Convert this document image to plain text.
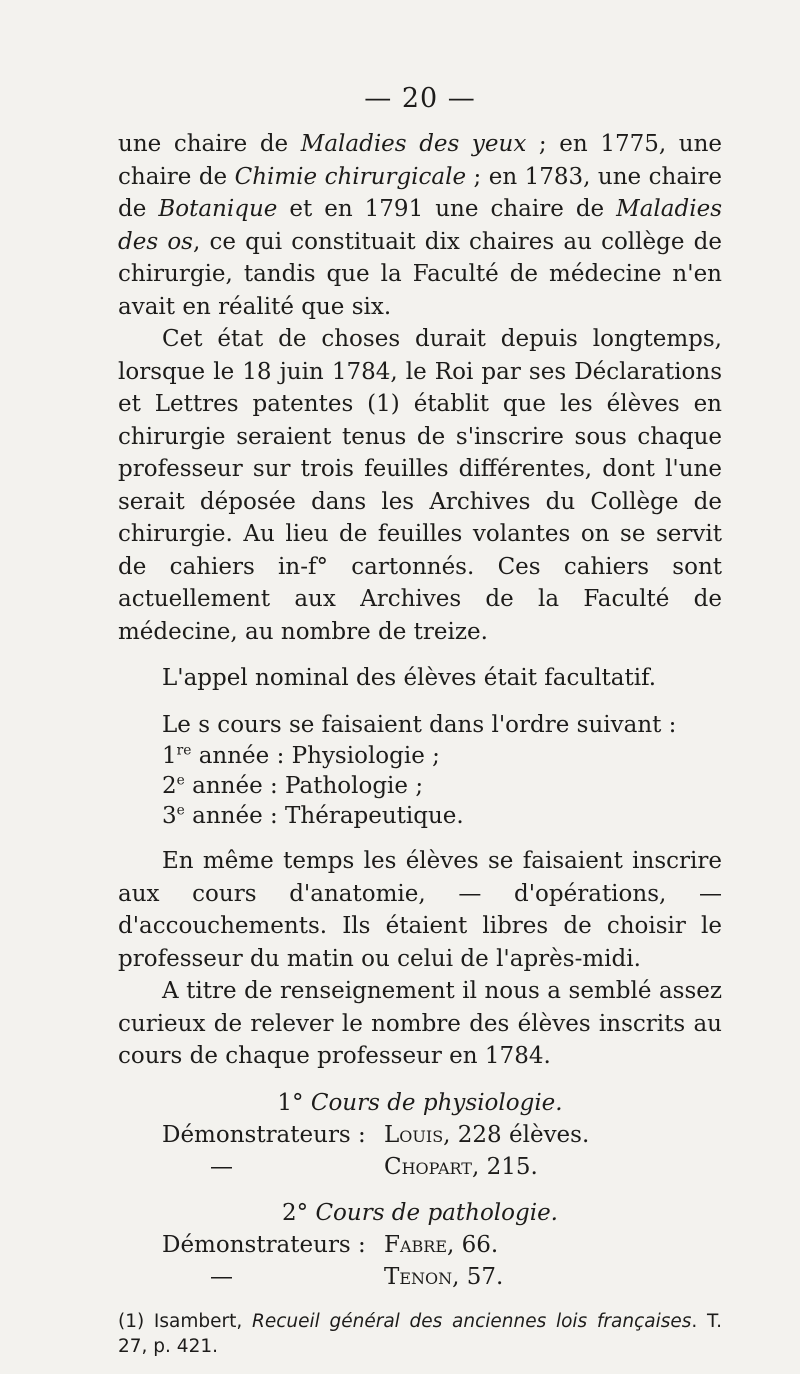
— 20 —

une chaire de Maladies des yeux ; en 1775, une chaire de Chimie chirurgicale ; en 1783, une chaire de Botanique et en 1791 une chaire de Maladies des os, ce qui constituait dix chaires au collège de chirurgie, tandis que la Faculté de médecine n'en avait en réalité que six.

Cet état de choses durait depuis longtemps, lorsque le 18 juin 1784, le Roi par ses Déclarations et Lettres patentes (1) établit que les élèves en chirurgie seraient tenus de s'inscrire sous chaque professeur sur trois feuilles différentes, dont l'une serait déposée dans les Archives du Collège de chirurgie. Au lieu de feuilles volantes on se servit de cahiers in-f° cartonnés. Ces cahiers sont actuellement aux Archives de la Faculté de médecine, au nombre de treize.

L'appel nominal des élèves était facultatif.

Le s cours se faisaient dans l'ordre suivant :

1re année : Physiologie ;
2e année : Pathologie ;
3e année : Thérapeutique.

En même temps les élèves se faisaient inscrire aux cours d'anatomie, — d'opérations, — d'accouchements. Ils étaient libres de choisir le professeur du matin ou celui de l'après-midi.

A titre de renseignement il nous a semblé assez curieux de relever le nombre des élèves inscrits au cours de chaque professeur en 1784.

1° Cours de physiologie.
Démonstrateurs : Louis, 228 élèves.
—	Chopart, 215.
2° Cours de pathologie.
Démonstrateurs : Fabre, 66.
—	Tenon, 57.
(1) Isambert, Recueil général des anciennes lois françaises. T. 27, p. 421.
